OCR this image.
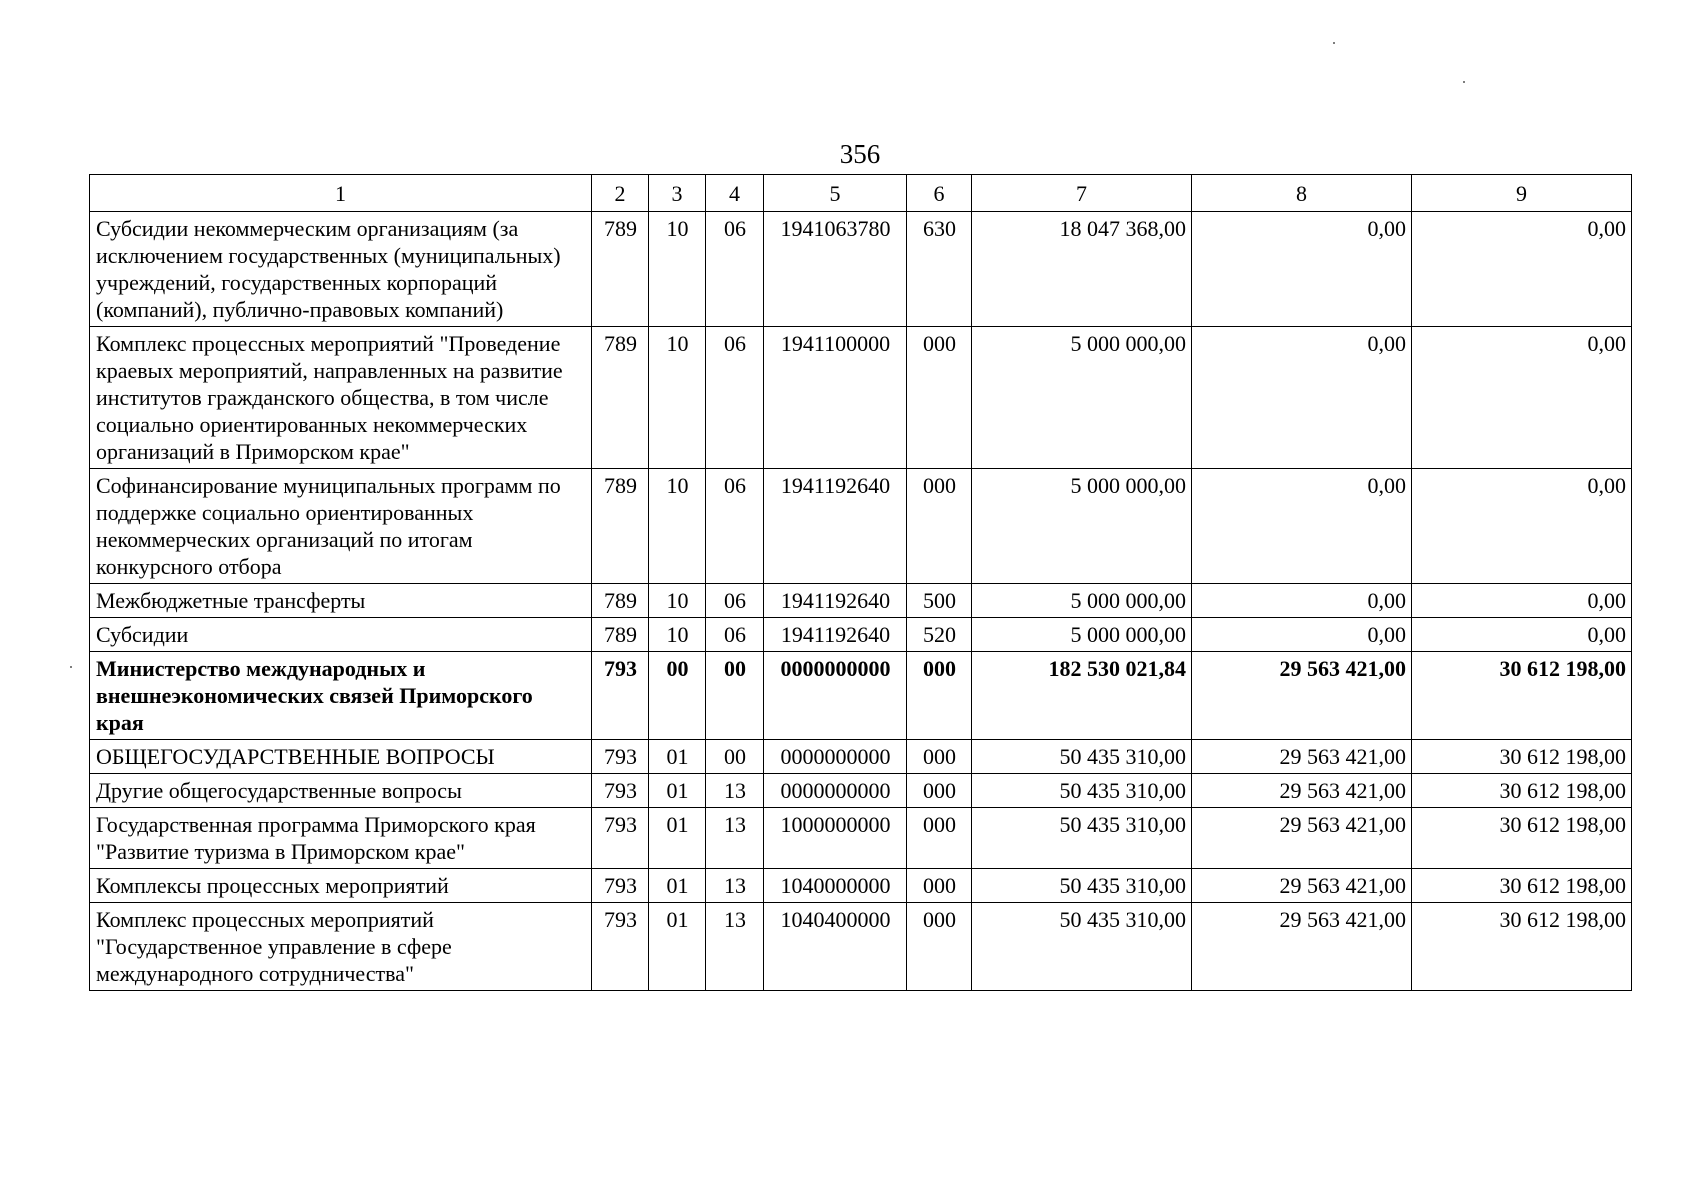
356
1	2	3	4	5	6	7	8	9
Субсидии некоммерческим организациям (за исключением государственных (муниципальных) учреждений, государственных корпораций (компаний), публично-правовых компаний)	789	10	06	1941063780	630	18 047 368,00	0,00	0,00
Комплекс процессных мероприятий "Проведение краевых мероприятий, направленных на развитие институтов гражданского общества, в том числе социально ориентированных некоммерческих организаций в Приморском крае"	789	10	06	1941100000	000	5 000 000,00	0,00	0,00
Софинансирование муниципальных программ по поддержке социально ориентированных некоммерческих организаций по итогам конкурсного отбора	789	10	06	1941192640	000	5 000 000,00	0,00	0,00
Межбюджетные трансферты	789	10	06	1941192640	500	5 000 000,00	0,00	0,00
Субсидии	789	10	06	1941192640	520	5 000 000,00	0,00	0,00
Министерство международных и внешнеэкономических связей Приморского края	793	00	00	0000000000	000	182 530 021,84	29 563 421,00	30 612 198,00
ОБЩЕГОСУДАРСТВЕННЫЕ ВОПРОСЫ	793	01	00	0000000000	000	50 435 310,00	29 563 421,00	30 612 198,00
Другие общегосударственные вопросы	793	01	13	0000000000	000	50 435 310,00	29 563 421,00	30 612 198,00
Государственная программа Приморского края "Развитие туризма в Приморском крае"	793	01	13	1000000000	000	50 435 310,00	29 563 421,00	30 612 198,00
Комплексы процессных мероприятий	793	01	13	1040000000	000	50 435 310,00	29 563 421,00	30 612 198,00
Комплекс процессных мероприятий "Государственное управление в сфере международного сотрудничества"	793	01	13	1040400000	000	50 435 310,00	29 563 421,00	30 612 198,00
